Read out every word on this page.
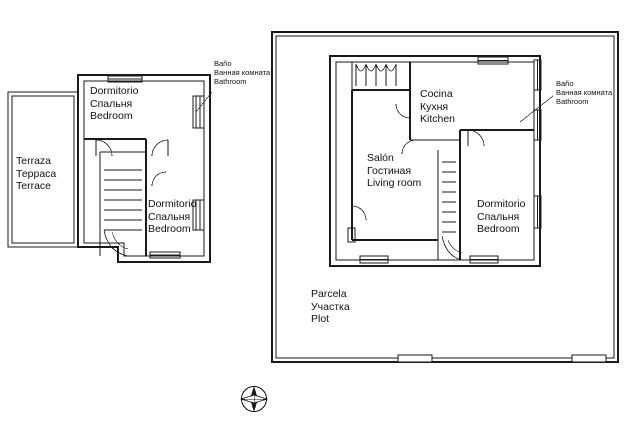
Terraza
Терраса
Terrace
Dormitorio
Спальня
Bedroom
Dormitorio
Спальня
Bedroom
Baño
Ванная комната
Bathroom
Cocina
Кухня
Kitchen
Salón
Гостиная
Living room
Dormitorio
Спальня
Bedroom
Parcela
Участка
Plot
Baño
Ванная комната
Bathroom
